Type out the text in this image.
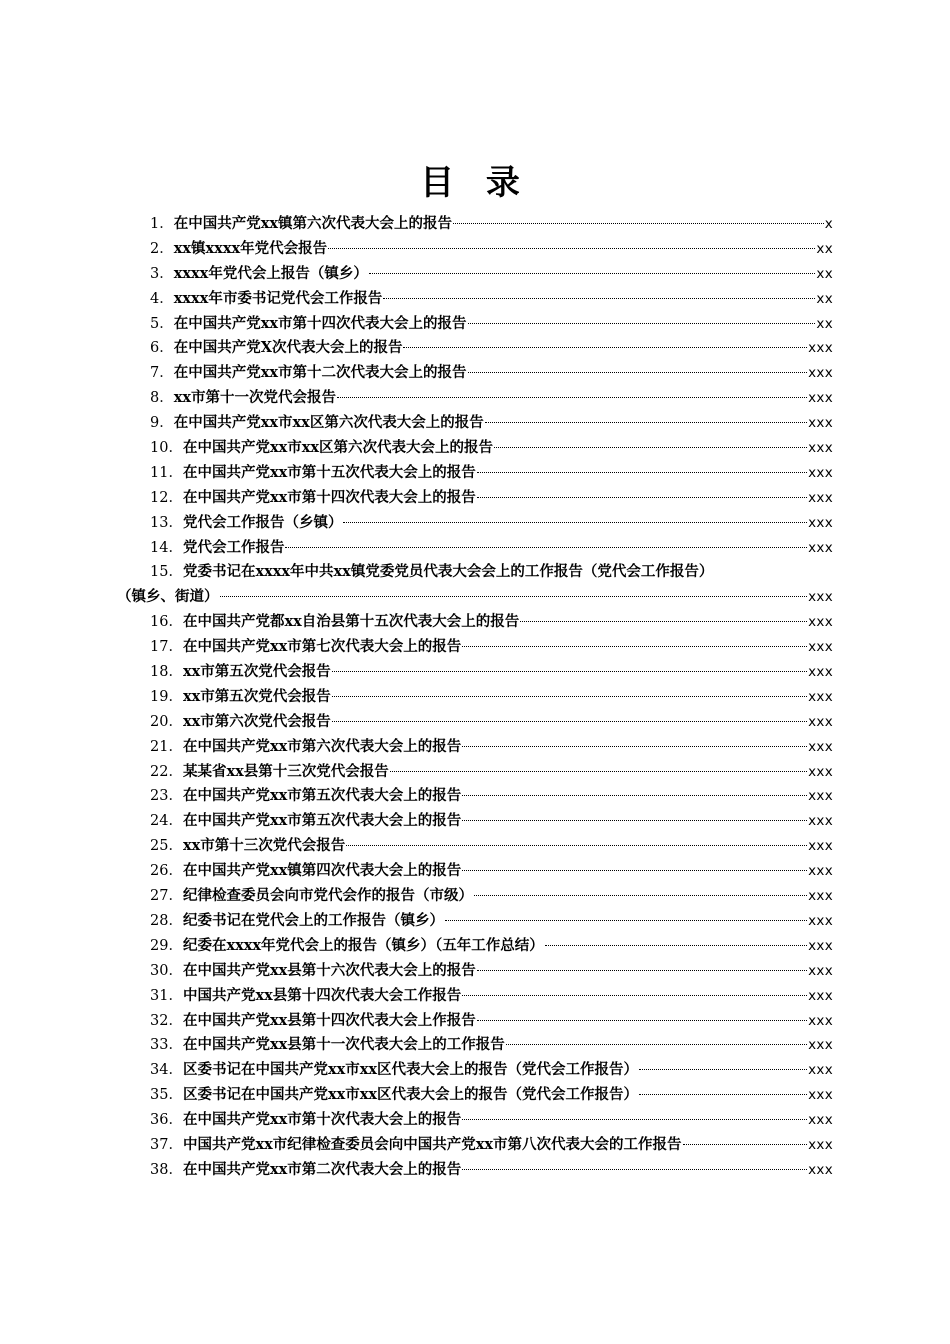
目 录
1． 在中国共产党xx镇第六次代表大会上的报告	x
2． xx镇xxxx年党代会报告	xx
3． xxxx年党代会上报告（镇乡）	xx
4． xxxx年市委书记党代会工作报告	xx
5． 在中国共产党xx市第十四次代表大会上的报告	xx
6． 在中国共产党X次代表大会上的报告	xxx
7． 在中国共产党xx市第十二次代表大会上的报告	xxx
8． xx市第十一次党代会报告	xxx
9． 在中国共产党xx市xx区第六次代表大会上的报告	xxx
10． 在中国共产党xx市xx区第六次代表大会上的报告	xxx
11． 在中国共产党xx市第十五次代表大会上的报告	xxx
12． 在中国共产党xx市第十四次代表大会上的报告	xxx
13． 党代会工作报告（乡镇）	xxx
14． 党代会工作报告	xxx
15． 党委书记在xxxx年中共xx镇党委党员代表大会会上的工作报告（党代会工作报告）
（镇乡、街道）	xxx
16． 在中国共产党都xx自治县第十五次代表大会上的报告	xxx
17． 在中国共产党xx市第七次代表大会上的报告	xxx
18． xx市第五次党代会报告	xxx
19． xx市第五次党代会报告	xxx
20． xx市第六次党代会报告	xxx
21． 在中国共产党xx市第六次代表大会上的报告	xxx
22． 某某省xx县第十三次党代会报告	xxx
23． 在中国共产党xx市第五次代表大会上的报告	xxx
24． 在中国共产党xx市第五次代表大会上的报告	xxx
25． xx市第十三次党代会报告	xxx
26． 在中国共产党xx镇第四次代表大会上的报告	xxx
27． 纪律检查委员会向市党代会作的报告（市级）	xxx
28． 纪委书记在党代会上的工作报告（镇乡）	xxx
29． 纪委在xxxx年党代会上的报告（镇乡）（五年工作总结）	xxx
30． 在中国共产党xx县第十六次代表大会上的报告	xxx
31． 中国共产党xx县第十四次代表大会工作报告	xxx
32． 在中国共产党xx县第十四次代表大会上作报告	xxx
33． 在中国共产党xx县第十一次代表大会上的工作报告	xxx
34． 区委书记在中国共产党xx市xx区代表大会上的报告（党代会工作报告）	xxx
35． 区委书记在中国共产党xx市xx区代表大会上的报告（党代会工作报告）	xxx
36． 在中国共产党xx市第十次代表大会上的报告	xxx
37． 中国共产党xx市纪律检查委员会向中国共产党xx市第八次代表大会的工作报告	xxx
38． 在中国共产党xx市第二次代表大会上的报告	xxx
